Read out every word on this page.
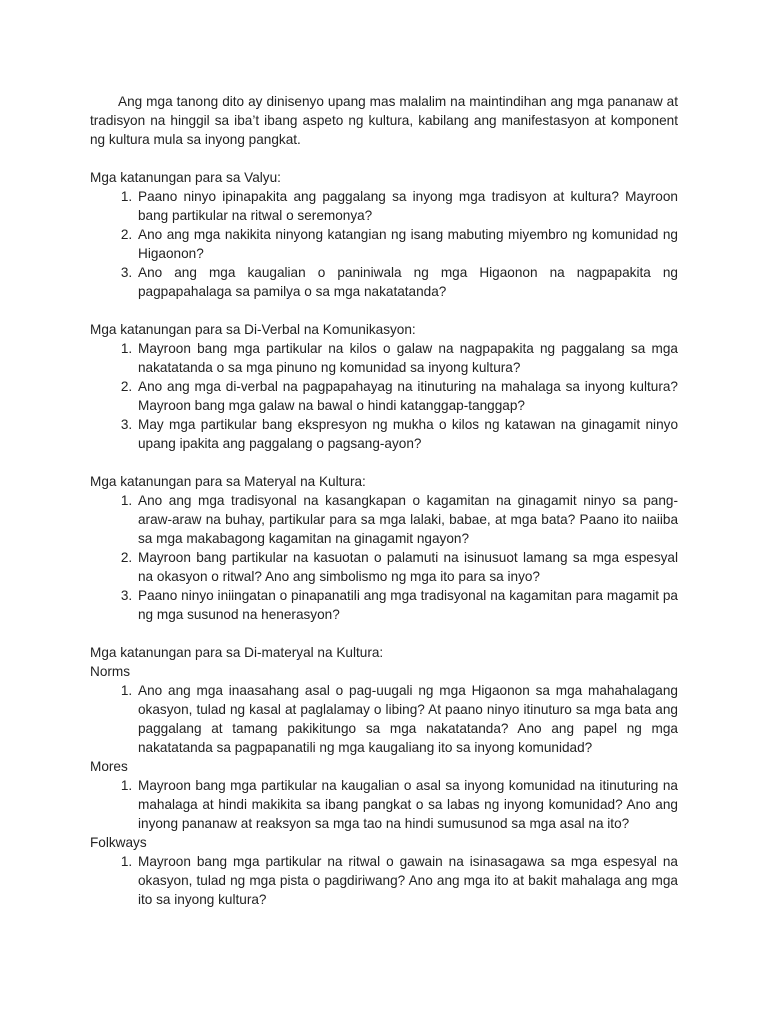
Ang mga tanong dito ay dinisenyo upang mas malalim na maintindihan ang mga pananaw at tradisyon na hinggil sa iba’t ibang aspeto ng kultura, kabilang ang manifestasyon at komponent ng kultura mula sa inyong pangkat.

Mga katanungan para sa Valyu:

1. Paano ninyo ipinapakita ang paggalang sa inyong mga tradisyon at kultura? Mayroon bang partikular na ritwal o seremonya?
2. Ano ang mga nakikita ninyong katangian ng isang mabuting miyembro ng komunidad ng Higaonon?
3. Ano ang mga kaugalian o paniniwala ng mga Higaonon na nagpapakita ng pagpapahalaga sa pamilya o sa mga nakatatanda?

Mga katanungan para sa Di-Verbal na Komunikasyon:

1. Mayroon bang mga partikular na kilos o galaw na nagpapakita ng paggalang sa mga nakatatanda o sa mga pinuno ng komunidad sa inyong kultura?
2. Ano ang mga di-verbal na pagpapahayag na itinuturing na mahalaga sa inyong kultura? Mayroon bang mga galaw na bawal o hindi katanggap-tanggap?
3. May mga partikular bang ekspresyon ng mukha o kilos ng katawan na ginagamit ninyo upang ipakita ang paggalang o pagsang-ayon?

Mga katanungan para sa Materyal na Kultura:

1. Ano ang mga tradisyonal na kasangkapan o kagamitan na ginagamit ninyo sa pang-araw-araw na buhay, partikular para sa mga lalaki, babae, at mga bata? Paano ito naiiba sa mga makabagong kagamitan na ginagamit ngayon?
2. Mayroon bang partikular na kasuotan o palamuti na isinusuot lamang sa mga espesyal na okasyon o ritwal? Ano ang simbolismo ng mga ito para sa inyo?
3. Paano ninyo iniingatan o pinapanatili ang mga tradisyonal na kagamitan para magamit pa ng mga susunod na henerasyon?

Mga katanungan para sa Di-materyal na Kultura:

Norms

1. Ano ang mga inaasahang asal o pag-uugali ng mga Higaonon sa mga mahahalagang okasyon, tulad ng kasal at paglalamay o libing? At paano ninyo itinuturo sa mga bata ang paggalang at tamang pakikitungo sa mga nakatatanda? Ano ang papel ng mga nakatatanda sa pagpapanatili ng mga kaugaliang ito sa inyong komunidad?

Mores

1. Mayroon bang mga partikular na kaugalian o asal sa inyong komunidad na itinuturing na mahalaga at hindi makikita sa ibang pangkat o sa labas ng inyong komunidad? Ano ang inyong pananaw at reaksyon sa mga tao na hindi sumusunod sa mga asal na ito?

Folkways

1. Mayroon bang mga partikular na ritwal o gawain na isinasagawa sa mga espesyal na okasyon, tulad ng mga pista o pagdiriwang? Ano ang mga ito at bakit mahalaga ang mga ito sa inyong kultura?
